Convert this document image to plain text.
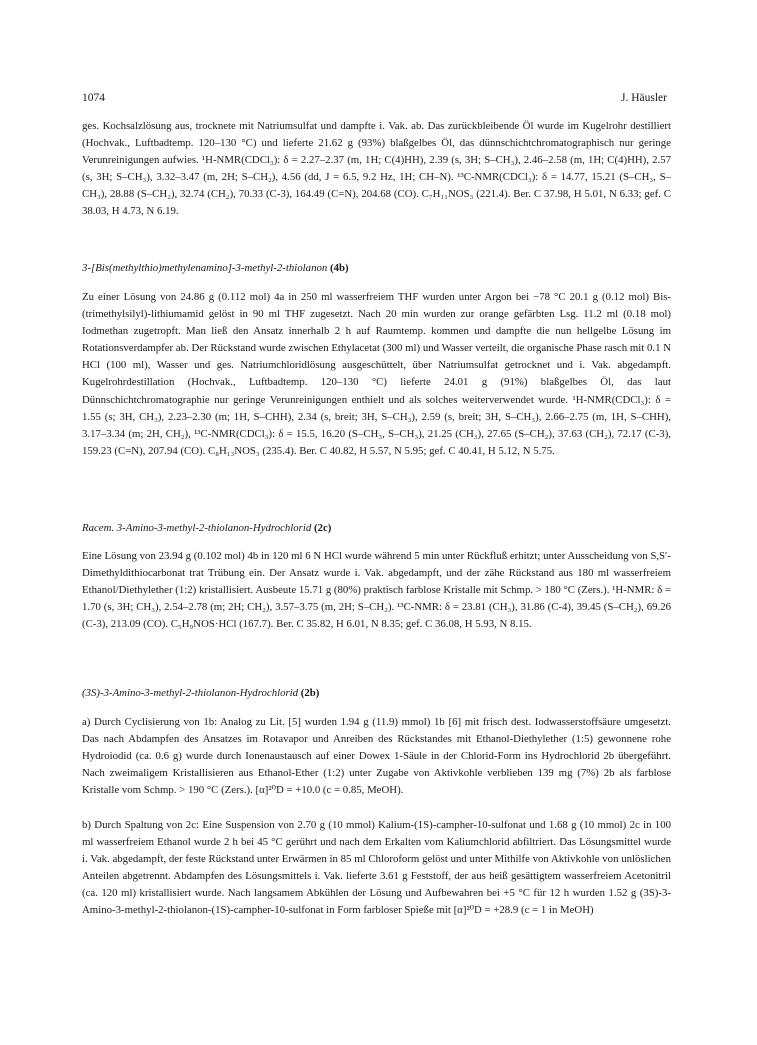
1074	J. Häusler

ges. Kochsalzlösung aus, trocknete mit Natriumsulfat und dampfte i. Vak. ab. Das zurückbleibende Öl wurde im Kugelrohr destilliert (Hochvak., Luftbadtemp. 120–130 °C) und lieferte 21.62 g (93%) blaßgelbes Öl, das dünnschichtchromatographisch nur geringe Verunreinigungen aufwies. ¹H-NMR(CDCl₃): δ = 2.27–2.37 (m, 1H; C(4)HH), 2.39 (s, 3H; S–CH₃), 2.46–2.58 (m, 1H; C(4)HH), 2.57 (s, 3H; S–CH₃), 3.32–3.47 (m, 2H; S–CH₂), 4.56 (dd, J = 6.5, 9.2 Hz, 1H; CH–N). ¹³C-NMR(CDCl₃): δ = 14.77, 15.21 (S–CH₃, S–CH₃), 28.88 (S–CH₂), 32.74 (CH₂), 70.33 (C-3), 164.49 (C=N), 204.68 (CO). C₇H₁₁NOS₃ (221.4). Ber. C 37.98, H 5.01, N 6.33; gef. C 38.03, H 4.73, N 6.19.

3-[Bis(methylthio)methylenamino]-3-methyl-2-thiolanon (4b)

Zu einer Lösung von 24.86 g (0.112 mol) 4a in 250 ml wasserfreiem THF wurden unter Argon bei −78 °C 20.1 g (0.12 mol) Bis-(trimethylsilyl)-lithiumamid gelöst in 90 ml THF zugesetzt. Nach 20 min wurden zur orange gefärbten Lsg. 11.2 ml (0.18 mol) Iodmethan zugetropft. Man ließ den Ansatz innerhalb 2 h auf Raumtemp. kommen und dampfte die nun hellgelbe Lösung im Rotationsverdampfer ab. Der Rückstand wurde zwischen Ethylacetat (300 ml) und Wasser verteilt, die organische Phase rasch mit 0.1 N HCl (100 ml), Wasser und ges. Natriumchloridlösung ausgeschüttelt, über Natriumsulfat getrocknet und i. Vak. abgedampft. Kugelrohrdestillation (Hochvak., Luftbadtemp. 120–130 °C) lieferte 24.01 g (91%) blaßgelbes Öl, das laut Dünnschichtchromatographie nur geringe Verunreinigungen enthielt und als solches weiterverwendet wurde. ¹H-NMR(CDCl₃): δ = 1.55 (s; 3H, CH₃), 2.23–2.30 (m; 1H, S–CHH), 2.34 (s, breit; 3H, S–CH₃), 2.59 (s, breit; 3H, S–CH₃), 2.66–2.75 (m, 1H, S–CHH), 3.17–3.34 (m; 2H, CH₂), ¹³C-NMR(CDCl₃): δ = 15.5, 16.20 (S–CH₃, S–CH₃), 21.25 (CH₃), 27.65 (S–CH₂), 37.63 (CH₂), 72.17 (C-3), 159.23 (C=N), 207.94 (CO). C₈H₁₃NOS₃ (235.4). Ber. C 40.82, H 5.57, N 5.95; gef. C 40.41, H 5.12, N 5.75.

Racem. 3-Amino-3-methyl-2-thiolanon-Hydrochlorid (2c)

Eine Lösung von 23.94 g (0.102 mol) 4b in 120 ml 6 N HCl wurde während 5 min unter Rückfluß erhitzt; unter Ausscheidung von S,S′-Dimethyldithiocarbonat trat Trübung ein. Der Ansatz wurde i. Vak. abgedampft, und der zähe Rückstand aus 180 ml wasserfreiem Ethanol/Diethylether (1:2) kristallisiert. Ausbeute 15.71 g (80%) praktisch farblose Kristalle mit Schmp. > 180 °C (Zers.). ¹H-NMR: δ = 1.70 (s, 3H; CH₃), 2.54–2.78 (m; 2H; CH₂), 3.57–3.75 (m, 2H; S–CH₂). ¹³C-NMR: δ = 23.81 (CH₃), 31.86 (C-4), 39.45 (S–CH₂), 69.26 (C-3), 213.09 (CO). C₅H₉NOS·HCl (167.7). Ber. C 35.82, H 6.01, N 8.35; gef. C 36.08, H 5.93, N 8.15.

(3S)-3-Amino-3-methyl-2-thiolanon-Hydrochlorid (2b)

a) Durch Cyclisierung von 1b: Analog zu Lit. [5] wurden 1.94 g (11.9) mmol) 1b [6] mit frisch dest. Iodwasserstoffsäure umgesetzt. Das nach Abdampfen des Ansatzes im Rotavapor und Anreiben des Rückstandes mit Ethanol-Diethylether (1:5) gewonnene rohe Hydroiodid (ca. 0.6 g) wurde durch Ionenaustausch auf einer Dowex 1-Säule in der Chlorid-Form ins Hydrochlorid 2b übergeführt. Nach zweimaligem Kristallisieren aus Ethanol-Ether (1:2) unter Zugabe von Aktivkohle verblieben 139 mg (7%) 2b als farblose Kristalle vom Schmp. > 190 °C (Zers.). [α]²⁰D = +10.0 (c = 0.85, MeOH).

b) Durch Spaltung von 2c: Eine Suspension von 2.70 g (10 mmol) Kalium-(1S)-campher-10-sulfonat und 1.68 g (10 mmol) 2c in 100 ml wasserfreiem Ethanol wurde 2 h bei 45 °C gerührt und nach dem Erkalten vom Kaliumchlorid abfiltriert. Das Lösungsmittel wurde i. Vak. abgedampft, der feste Rückstand unter Erwärmen in 85 ml Chloroform gelöst und unter Mithilfe von Aktivkohle von unlöslichen Anteilen abgetrennt. Abdampfen des Lösungsmittels i. Vak. lieferte 3.61 g Feststoff, der aus heiß gesättigtem wasserfreiem Acetonitril (ca. 120 ml) kristallisiert wurde. Nach langsamem Abkühlen der Lösung und Aufbewahren bei +5 °C für 12 h wurden 1.52 g (3S)-3-Amino-3-methyl-2-thiolanon-(1S)-campher-10-sulfonat in Form farbloser Spieße mit [α]²⁰D = +28.9 (c = 1 in MeOH)
